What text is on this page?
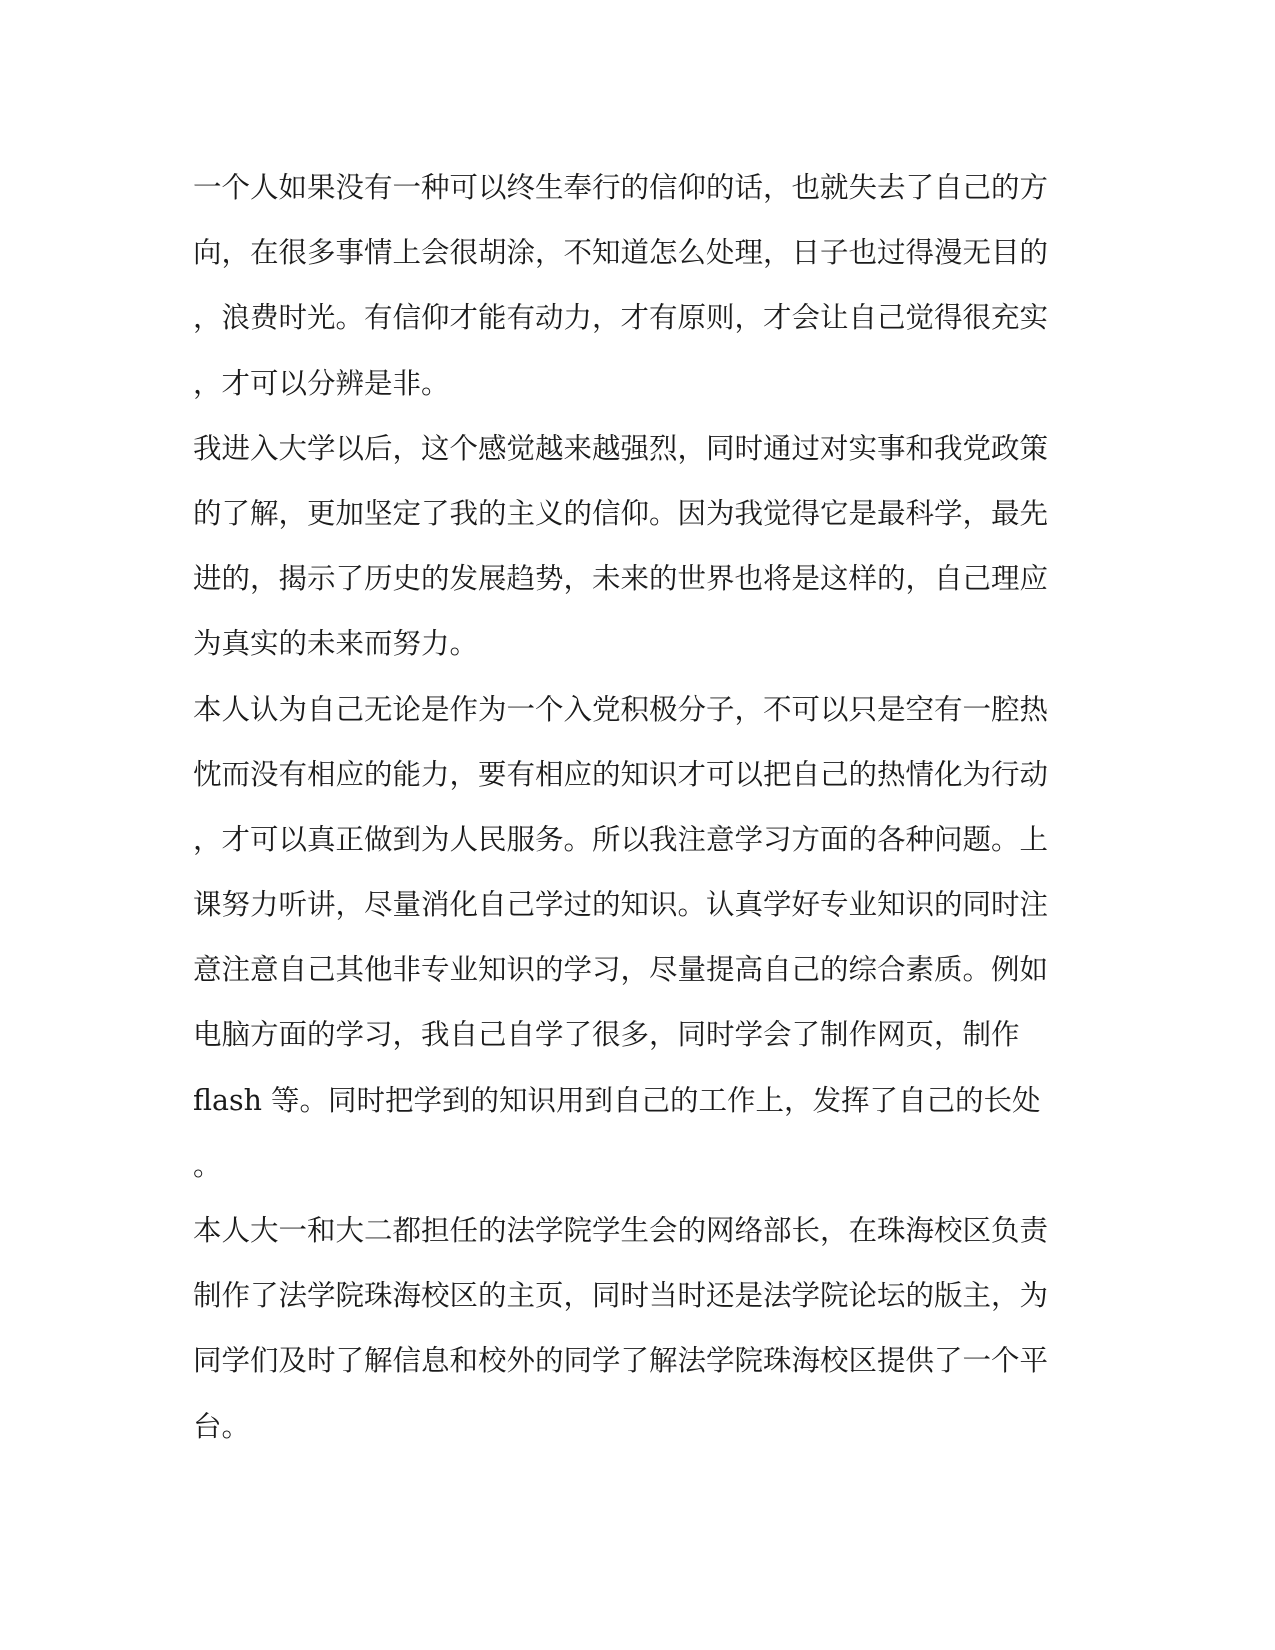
一个人如果没有一种可以终生奉行的信仰的话，也就失去了自己的方
向，在很多事情上会很胡涂，不知道怎么处理，日子也过得漫无目的
，浪费时光。有信仰才能有动力，才有原则，才会让自己觉得很充实
，才可以分辨是非。
我进入大学以后，这个感觉越来越强烈，同时通过对实事和我党政策
的了解，更加坚定了我的主义的信仰。因为我觉得它是最科学，最先
进的，揭示了历史的发展趋势，未来的世界也将是这样的，自己理应
为真实的未来而努力。
本人认为自己无论是作为一个入党积极分子，不可以只是空有一腔热
忱而没有相应的能力，要有相应的知识才可以把自己的热情化为行动
，才可以真正做到为人民服务。所以我注意学习方面的各种问题。上
课努力听讲，尽量消化自己学过的知识。认真学好专业知识的同时注
意注意自己其他非专业知识的学习，尽量提高自己的综合素质。例如
电脑方面的学习，我自己自学了很多，同时学会了制作网页，制作
flash 等。同时把学到的知识用到自己的工作上，发挥了自己的长处
。
本人大一和大二都担任的法学院学生会的网络部长，在珠海校区负责
制作了法学院珠海校区的主页，同时当时还是法学院论坛的版主，为
同学们及时了解信息和校外的同学了解法学院珠海校区提供了一个平
台。
